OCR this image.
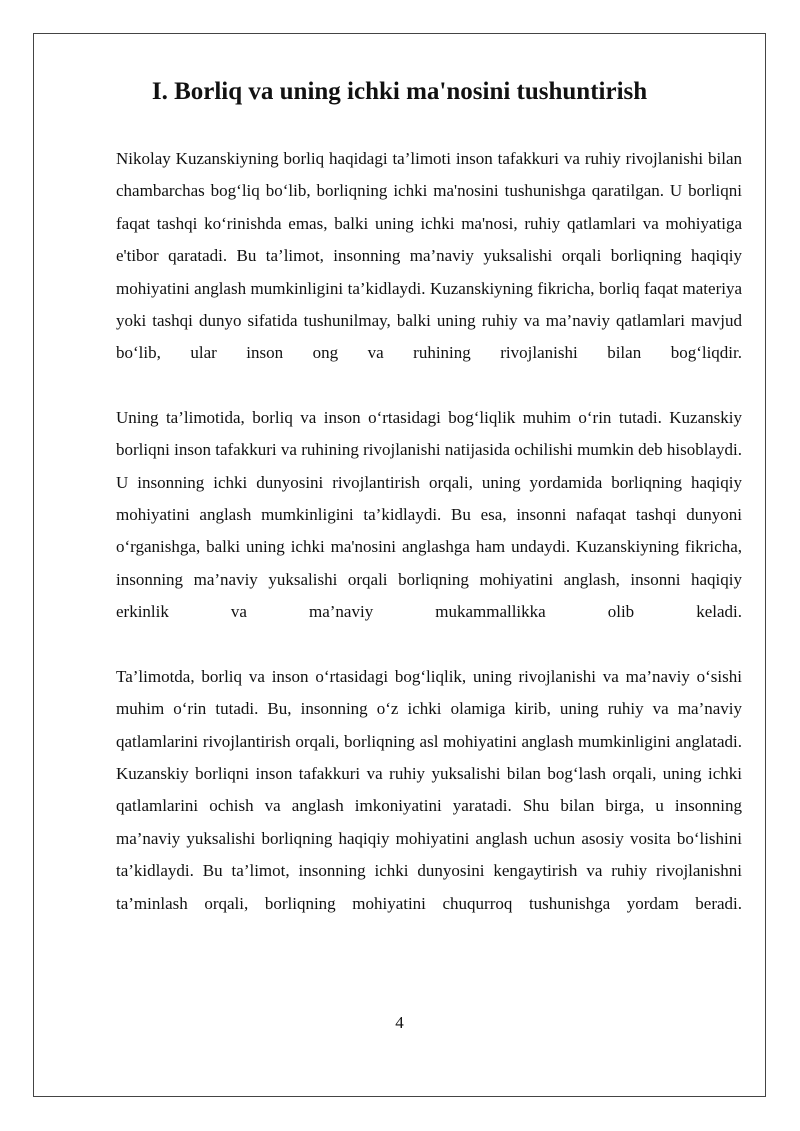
I. Borliq va uning ichki ma'nosini tushuntirish

Nikolay Kuzanskiyning borliq haqidagi ta’limoti inson tafakkuri va ruhiy rivojlanishi bilan chambarchas bog‘liq bo‘lib, borliqning ichki ma'nosini tushunishga qaratilgan. U borliqni faqat tashqi ko‘rinishda emas, balki uning ichki ma'nosi, ruhiy qatlamlari va mohiyatiga e'tibor qaratadi. Bu ta’limot, insonning ma’naviy yuksalishi orqali borliqning haqiqiy mohiyatini anglash mumkinligini ta’kidlaydi. Kuzanskiyning fikricha, borliq faqat materiya yoki tashqi dunyo sifatida tushunilmay, balki uning ruhiy va ma’naviy qatlamlari mavjud bo‘lib, ular inson ong va ruhining rivojlanishi bilan bog‘liqdir.

Uning ta’limotida, borliq va inson o‘rtasidagi bog‘liqlik muhim o‘rin tutadi. Kuzanskiy borliqni inson tafakkuri va ruhining rivojlanishi natijasida ochilishi mumkin deb hisoblaydi. U insonning ichki dunyosini rivojlantirish orqali, uning yordamida borliqning haqiqiy mohiyatini anglash mumkinligini ta’kidlaydi. Bu esa, insonni nafaqat tashqi dunyoni o‘rganishga, balki uning ichki ma'nosini anglashga ham undaydi. Kuzanskiyning fikricha, insonning ma’naviy yuksalishi orqali borliqning mohiyatini anglash, insonni haqiqiy erkinlik va ma’naviy mukammallikka olib keladi.

Ta’limotda, borliq va inson o‘rtasidagi bog‘liqlik, uning rivojlanishi va ma’naviy o‘sishi muhim o‘rin tutadi. Bu, insonning o‘z ichki olamiga kirib, uning ruhiy va ma’naviy qatlamlarini rivojlantirish orqali, borliqning asl mohiyatini anglash mumkinligini anglatadi. Kuzanskiy borliqni inson tafakkuri va ruhiy yuksalishi bilan bog‘lash orqali, uning ichki qatlamlarini ochish va anglash imkoniyatini yaratadi. Shu bilan birga, u insonning ma’naviy yuksalishi borliqning haqiqiy mohiyatini anglash uchun asosiy vosita bo‘lishini ta’kidlaydi. Bu ta’limot, insonning ichki dunyosini kengaytirish va ruhiy rivojlanishni ta’minlash orqali, borliqning mohiyatini chuqurroq tushunishga yordam beradi.

4
